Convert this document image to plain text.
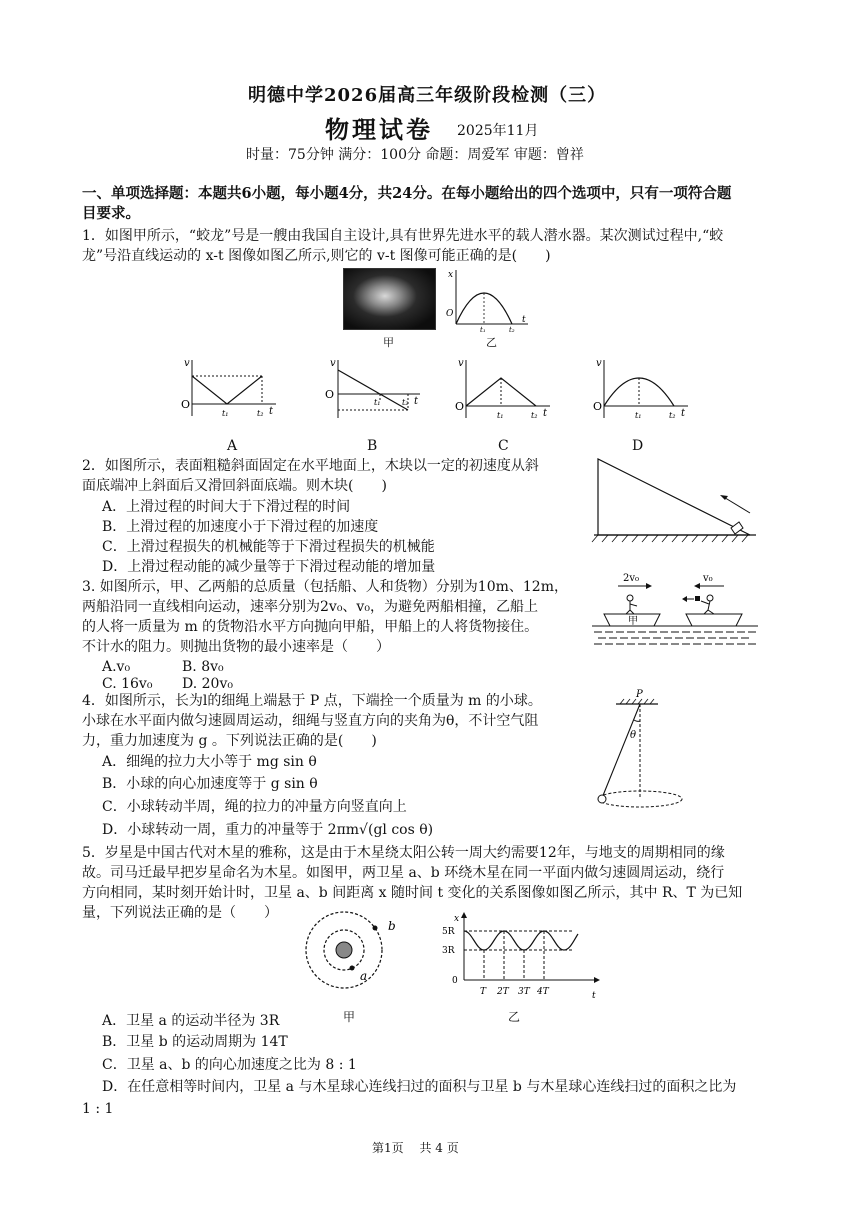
明德中学2026届高三年级阶段检测（三）
物理试卷 2025年11月
时量：75分钟 满分：100分 命题：周爱军 审题：曾祥
一、单项选择题：本题共6小题，每小题4分，共24分。在每小题给出的四个选项中，只有一项符合题
目要求。
1．如图甲所示，“蛟龙”号是一艘由我国自主设计,具有世界先进水平的载人潜水器。某次测试过程中,“蛟
龙”号沿直线运动的 x-t 图像如图乙所示,则它的 v-t 图像可能正确的是(　　)
甲
x
t
O
t₁	t₂
乙
v
O
t
t₁	t₂
A
v
O
t
t₁	t₂
B
v
O
t
t₁	t₂
C
v
O
t
t₁	t₂
D
2．如图所示，表面粗糙斜面固定在水平地面上，木块以一定的初速度从斜
面底端冲上斜面后又滑回斜面底端。则木块(　　)
A．上滑过程的时间大于下滑过程的时间
B．上滑过程的加速度小于下滑过程的加速度
C．上滑过程损失的机械能等于下滑过程损失的机械能
D．上滑过程动能的减少量等于下滑过程动能的增加量
3. 如图所示，甲、乙两船的总质量（包括船、人和货物）分别为10m、12m，
两船沿同一直线相向运动，速率分别为2v₀、v₀，为避免两船相撞，乙船上
的人将一质量为 m 的货物沿水平方向抛向甲船，甲船上的人将货物接住。
不计水的阻力。则抛出货物的最小速率是（　　）
A.v₀	B. 8v₀
C. 16v₀ D. 20v₀
2v₀	v₀
甲
4．如图所示，长为l的细绳上端悬于 P 点，下端拴一个质量为 m 的小球。
小球在水平面内做匀速圆周运动，细绳与竖直方向的夹角为θ，不计空气阻
力，重力加速度为 g 。下列说法正确的是(　　)
A．细绳的拉力大小等于 mg sin θ
B．小球的向心加速度等于 g sin θ
C．小球转动半周，绳的拉力的冲量方向竖直向上
D．小球转动一周，重力的冲量等于 2πm√(gl cos θ)
P
θ
5．岁星是中国古代对木星的雅称，这是由于木星绕太阳公转一周大约需要12年，与地支的周期相同的缘
故。司马迁最早把岁星命名为木星。如图甲，两卫星 a、b 环绕木星在同一平面内做匀速圆周运动，绕行
方向相同，某时刻开始计时，卫星 a、b 间距离 x 随时间 t 变化的关系图像如图乙所示，其中 R、T 为已知
量，下列说法正确的是（　　）
b
a
甲
x
t
5R
3R
0
T 2T 3T 4T
乙
A．卫星 a 的运动半径为 3R
B．卫星 b 的运动周期为 14T
C．卫星 a、b 的向心加速度之比为 8 : 1
D．在任意相等时间内，卫星 a 与木星球心连线扫过的面积与卫星 b 与木星球心连线扫过的面积之比为
1 : 1
第1页　 共 4 页
